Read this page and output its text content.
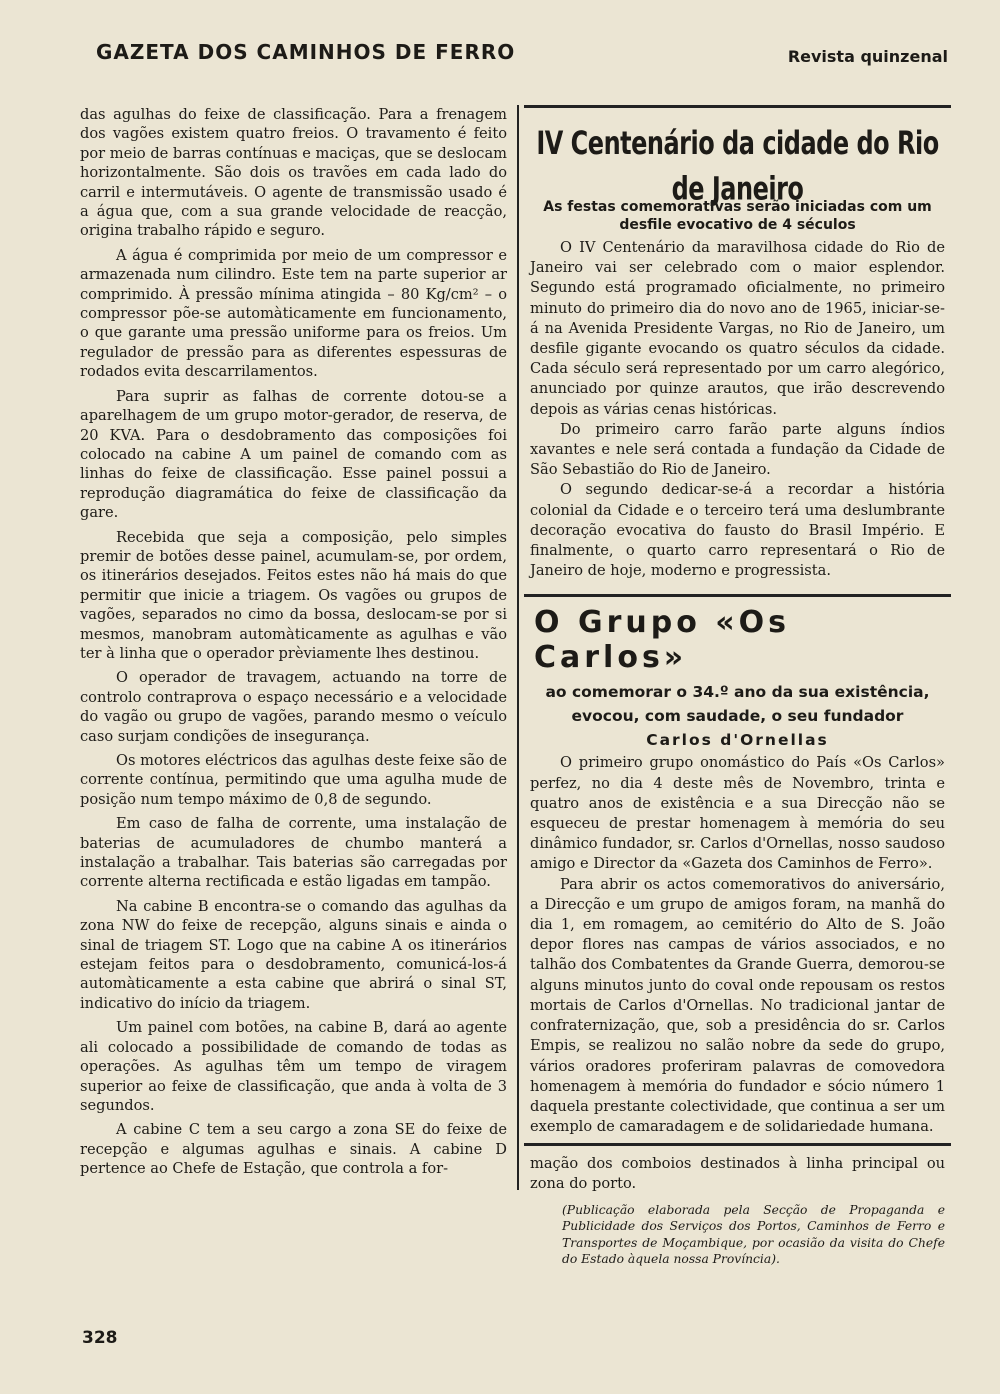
GAZETA DOS CAMINHOS DE FERRO	Revista quinzenal

das agulhas do feixe de classificação. Para a frenagem dos vagões existem quatro freios. O travamento é feito por meio de barras contínuas e maciças, que se deslocam horizontalmente. São dois os travões em cada lado do carril e intermutáveis. O agente de transmissão usado é a água que, com a sua grande velocidade de reacção, origina trabalho rápido e seguro.

A água é comprimida por meio de um compressor e armazenada num cilindro. Este tem na parte superior ar comprimido. À pressão mínima atingida – 80 Kg/cm² – o compressor põe-se automàticamente em funcionamento, o que garante uma pressão uniforme para os freios. Um regulador de pressão para as diferentes espessuras de rodados evita descarrilamentos.

Para suprir as falhas de corrente dotou-se a aparelhagem de um grupo motor-gerador, de reserva, de 20 KVA. Para o desdobramento das composições foi colocado na cabine A um painel de comando com as linhas do feixe de classificação. Esse painel possui a reprodução diagramática do feixe de classificação da gare.

Recebida que seja a composição, pelo simples premir de botões desse painel, acumulam-se, por ordem, os itinerários desejados. Feitos estes não há mais do que permitir que inicie a triagem. Os vagões ou grupos de vagões, separados no cimo da bossa, deslocam-se por si mesmos, manobram automàticamente as agulhas e vão ter à linha que o operador prèviamente lhes destinou.

O operador de travagem, actuando na torre de controlo contraprova o espaço necessário e a velocidade do vagão ou grupo de vagões, parando mesmo o veículo caso surjam condições de insegurança.

Os motores eléctricos das agulhas deste feixe são de corrente contínua, permitindo que uma agulha mude de posição num tempo máximo de 0,8 de segundo.

Em caso de falha de corrente, uma instalação de baterias de acumuladores de chumbo manterá a instalação a trabalhar. Tais baterias são carregadas por corrente alterna rectificada e estão ligadas em tampão.

Na cabine B encontra-se o comando das agulhas da zona NW do feixe de recepção, alguns sinais e ainda o sinal de triagem ST. Logo que na cabine A os itinerários estejam feitos para o desdobramento, comunicá-los-á automàticamente a esta cabine que abrirá o sinal ST, indicativo do início da triagem.

Um painel com botões, na cabine B, dará ao agente ali colocado a possibilidade de comando de todas as operações. As agulhas têm um tempo de viragem superior ao feixe de classificação, que anda à volta de 3 segundos.

A cabine C tem a seu cargo a zona SE do feixe de recepção e algumas agulhas e sinais. A cabine D pertence ao Chefe de Estação, que controla a for-

IV Centenário da cidade do Rio de Janeiro
As festas comemorativas serão iniciadas com um
desfile evocativo de 4 séculos

O IV Centenário da maravilhosa cidade do Rio de Janeiro vai ser celebrado com o maior esplendor. Segundo está programado oficialmente, no primeiro minuto do primeiro dia do novo ano de 1965, iniciar-se-á na Avenida Presidente Vargas, no Rio de Janeiro, um desfile gigante evocando os quatro séculos da cidade. Cada século será representado por um carro alegórico, anunciado por quinze arautos, que irão descrevendo depois as várias cenas históricas.

Do primeiro carro farão parte alguns índios xavantes e nele será contada a fundação da Cidade de São Sebastião do Rio de Janeiro.

O segundo dedicar-se-á a recordar a história colonial da Cidade e o terceiro terá uma deslumbrante decoração evocativa do fausto do Brasil Império. E finalmente, o quarto carro representará o Rio de Janeiro de hoje, moderno e progressista.

O Grupo «Os Carlos»
ao comemorar o 34.º ano da sua existência,
evocou, com saudade, o seu fundador
Carlos d'Ornellas

O primeiro grupo onomástico do País «Os Carlos» perfez, no dia 4 deste mês de Novembro, trinta e quatro anos de existência e a sua Direcção não se esqueceu de prestar homenagem à memória do seu dinâmico fundador, sr. Carlos d'Ornellas, nosso saudoso amigo e Director da «Gazeta dos Caminhos de Ferro».

Para abrir os actos comemorativos do aniversário, a Direcção e um grupo de amigos foram, na manhã do dia 1, em romagem, ao cemitério do Alto de S. João depor flores nas campas de vários associados, e no talhão dos Combatentes da Grande Guerra, demorou-se alguns minutos junto do coval onde repousam os restos mortais de Carlos d'Ornellas. No tradicional jantar de confraternização, que, sob a presidência do sr. Carlos Empis, se realizou no salão nobre da sede do grupo, vários oradores proferiram palavras de comovedora homenagem à memória do fundador e sócio número 1 daquela prestante colectividade, que continua a ser um exemplo de camaradagem e de solidariedade humana.

mação dos comboios destinados à linha principal ou zona do porto.
(Publicação elaborada pela Secção de Propaganda e Publicidade dos Serviços dos Portos, Caminhos de Ferro e Transportes de Moçambique, por ocasião da visita do Chefe do Estado àquela nossa Província).
328
